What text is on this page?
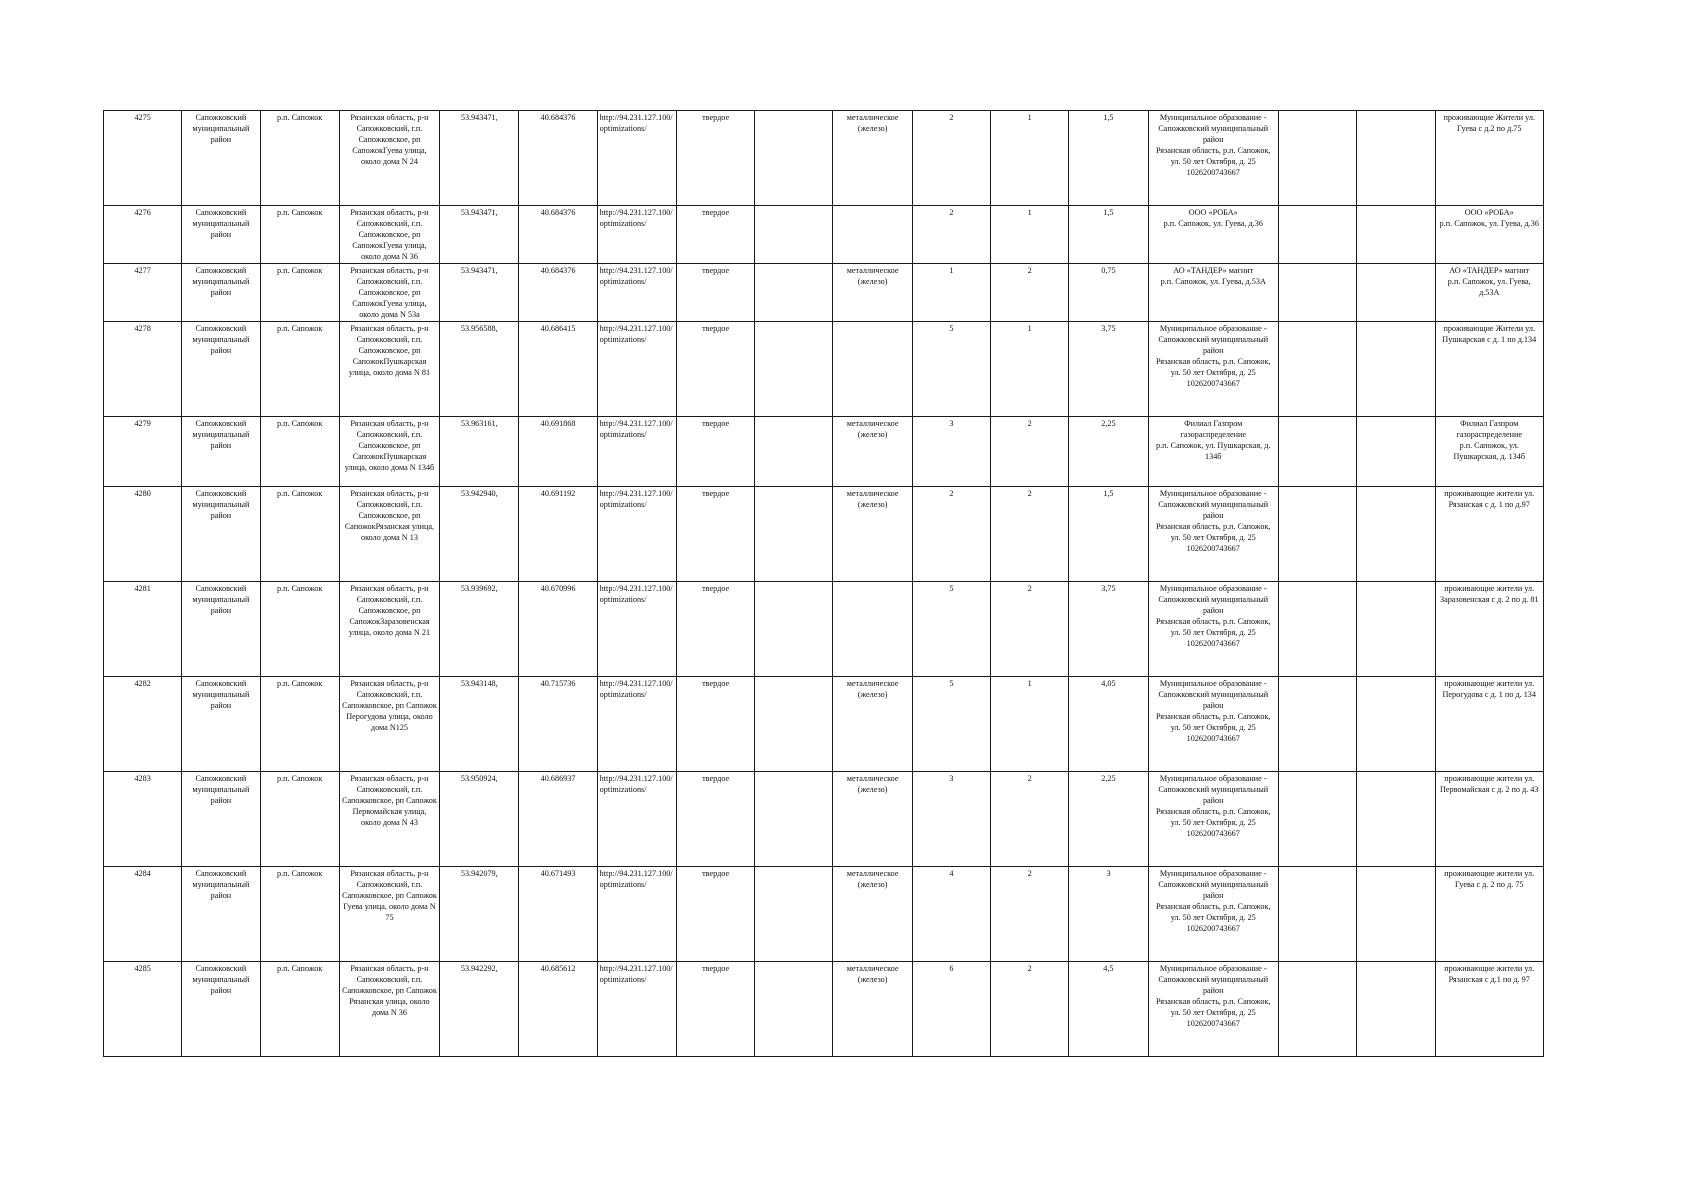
4275	Сапожковский муниципальный район	р.п. Сапожок	Рязанская область, р-н Сапожковский, г.п. Сапожковское, рп СапожокГуева улица, около дома N 24	53.943471,	40.684376	http://94.231.127.100/optimizations/	твердое		металлическое (железо)	2	1	1,5	Муниципальное образование - Сапожковский муниципальный район
Рязанская область, р.п. Сапожок, ул. 50 лет Октября, д. 25
1026200743667			проживающие Жители ул. Гуева с д.2 по д.75
4276	Сапожковский муниципальный район	р.п. Сапожок	Рязанская область, р-н Сапожковский, г.п. Сапожковское, рп СапожокГуева улица, около дома N 36	53.943471,	40.684376	http://94.231.127.100/optimizations/	твердое			2	1	1,5	ООО «РОБА»
р.п. Сапожок, ул. Гуева, д.36			ООО «РОБА»
р.п. Сапожок, ул. Гуева, д.36
4277	Сапожковский муниципальный район	р.п. Сапожок	Рязанская область, р-н Сапожковский, г.п. Сапожковское, рп СапожокГуева улица, около дома N 53а	53.943471,	40.684376	http://94.231.127.100/optimizations/	твердое		металлическое (железо)	1	2	0,75	АО «ТАНДЕР» магнит
р.п. Сапожок, ул. Гуева, д.53А			АО «ТАНДЕР» магнит
р.п. Сапожок, ул. Гуева, д.53А
4278	Сапожковский муниципальный район	р.п. Сапожок	Рязанская область, р-н Сапожковский, г.п. Сапожковское, рп СапожокПушкарская улица, около дома N 81	53.956588,	40.686415	http://94.231.127.100/optimizations/	твердое			5	1	3,75	Муниципальное образование - Сапожковский муниципальный район
Рязанская область, р.п. Сапожок, ул. 50 лет Октября, д. 25
1026200743667			проживающие Жители ул. Пушкарская с д. 1 по д.134
4279	Сапожковский муниципальный район	р.п. Сапожок	Рязанская область, р-н Сапожковский, г.п. Сапожковское, рп СапожокПушкарская улица, около дома N 134б	53.963161,	40.691868	http://94.231.127.100/optimizations/	твердое		металлическое (железо)	3	2	2,25	Филиал Газпром газораспределение
р.п. Сапожок, ул. Пушкарская, д. 134б			Филиал Газпром газораспределение
р.п. Сапожок, ул. Пушкарская, д. 134б
4280	Сапожковский муниципальный район	р.п. Сапожок	Рязанская область, р-н Сапожковский, г.п. Сапожковское, рп СапожокРязанская улица, около дома N 13	53.942940,	40.691192	http://94.231.127.100/optimizations/	твердое		металлическое (железо)	2	2	1,5	Муниципальное образование - Сапожковский муниципальный район
Рязанская область, р.п. Сапожок, ул. 50 лет Октября, д. 25
1026200743667			проживающие жители ул. Рязанская с д. 1 по д.97
4281	Сапожковский муниципальный район	р.п. Сапожок	Рязанская область, р-н Сапожковский, г.п. Сапожковское, рп СапожокЗаразовенская улица, около дома N 21	53.939692,	40.670996	http://94.231.127.100/optimizations/	твердое			5	2	3,75	Муниципальное образование - Сапожковский муниципальный район
Рязанская область, р.п. Сапожок, ул. 50 лет Октября, д. 25
1026200743667			проживающие жители ул. Заразовенская с д. 2 по д. 81
4282	Сапожковский муниципальный район	р.п. Сапожок	Рязанская область, р-н Сапожковский, г.п. Сапожковское, рп Сапожок Перогудова улица, около дома N125	53.943148,	40.715736	http://94.231.127.100/optimizations/	твердое		металлическое (железо)	5	1	4,05	Муниципальное образование - Сапожковский муниципальный район
Рязанская область, р.п. Сапожок, ул. 50 лет Октября, д. 25
1026200743667			проживающие жители ул. Перогудова с д. 1 по д. 134
4283	Сапожковский муниципальный район	р.п. Сапожок	Рязанская область, р-н Сапожковский, г.п. Сапожковское, рп Сапожок Первомайская улица, около дома N 43	53.950924,	40.686937	http://94.231.127.100/optimizations/	твердое		металлическое (железо)	3	2	2,25	Муниципальное образование - Сапожковский муниципальный район
Рязанская область, р.п. Сапожок, ул. 50 лет Октября, д. 25
1026200743667			проживающие жители ул. Первомайская с д. 2 по д. 43
4284	Сапожковский муниципальный район	р.п. Сапожок	Рязанская область, р-н Сапожковский, г.п. Сапожковское, рп Сапожок Гуева улица, около дома N 75	53.942079,	40.671493	http://94.231.127.100/optimizations/	твердое		металлическое (железо)	4	2	3	Муниципальное образование - Сапожковский муниципальный район
Рязанская область, р.п. Сапожок, ул. 50 лет Октября, д. 25
1026200743667			проживающие жители ул. Гуева с д. 2 по д. 75
4285	Сапожковский муниципальный район	р.п. Сапожок	Рязанская область, р-н Сапожковский, г.п. Сапожковское, рп Сапожок Рязанская улица, около дома N 36	53.942292,	40.685612	http://94.231.127.100/optimizations/	твердое		металлическое (железо)	6	2	4,5	Муниципальное образование - Сапожковский муниципальный район
Рязанская область, р.п. Сапожок, ул. 50 лет Октября, д. 25
1026200743667			проживающие жители ул. Рязанская с д.1 по д. 97
